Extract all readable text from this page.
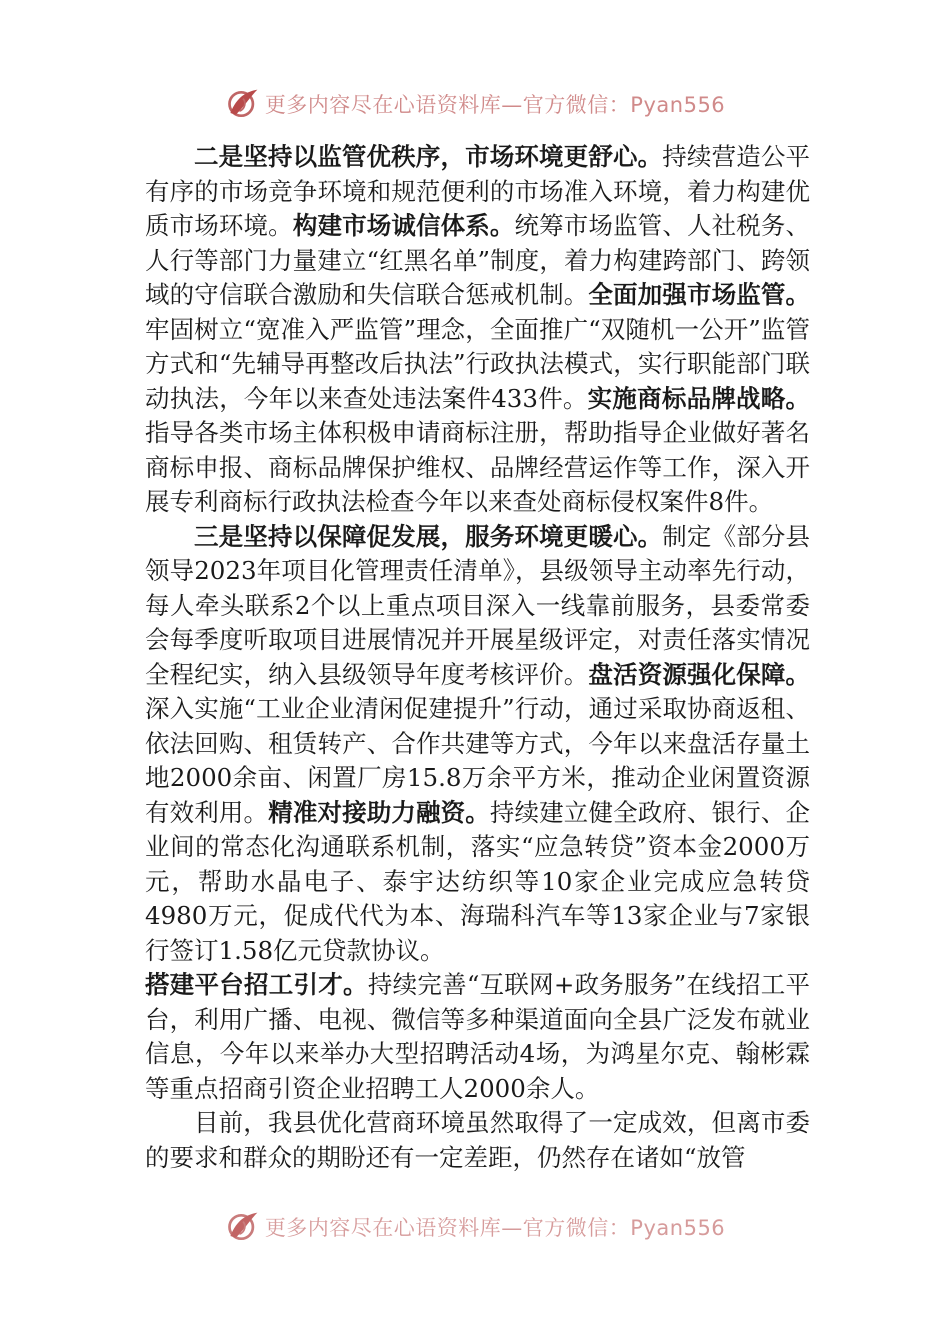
更多内容尽在心语资料库—官方微信：Pyan556

二是坚持以监管优秩序，市场环境更舒心。持续营造公平有序的市场竞争环境和规范便利的市场准入环境，着力构建优质市场环境。构建市场诚信体系。统筹市场监管、人社税务、人行等部门力量建立“红黑名单”制度，着力构建跨部门、跨领域的守信联合激励和失信联合惩戒机制。全面加强市场监管。牢固树立“宽准入严监管”理念，全面推广“双随机一公开”监管方式和“先辅导再整改后执法”行政执法模式，实行职能部门联动执法，今年以来查处违法案件433件。实施商标品牌战略。指导各类市场主体积极申请商标注册，帮助指导企业做好著名商标申报、商标品牌保护维权、品牌经营运作等工作，深入开展专利商标行政执法检查今年以来查处商标侵权案件8件。

三是坚持以保障促发展，服务环境更暖心。制定《部分县领导2023年项目化管理责任清单》，县级领导主动率先行动，每人牵头联系2个以上重点项目深入一线靠前服务，县委常委会每季度听取项目进展情况并开展星级评定，对责任落实情况全程纪实，纳入县级领导年度考核评价。盘活资源强化保障。深入实施“工业企业清闲促建提升”行动，通过采取协商返租、依法回购、租赁转产、合作共建等方式，今年以来盘活存量土地2000余亩、闲置厂房15.8万余平方米，推动企业闲置资源有效利用。精准对接助力融资。持续建立健全政府、银行、企业间的常态化沟通联系机制，落实“应急转贷”资本金2000万元，帮助水晶电子、泰宇达纺织等10家企业完成应急转贷4980万元，促成代代为本、海瑞科汽车等13家企业与7家银行签订1.58亿元贷款协议。

搭建平台招工引才。持续完善“互联网+政务服务”在线招工平台，利用广播、电视、微信等多种渠道面向全县广泛发布就业信息，今年以来举办大型招聘活动4场，为鸿星尔克、翰彬霖等重点招商引资企业招聘工人2000余人。

目前，我县优化营商环境虽然取得了一定成效，但离市委的要求和群众的期盼还有一定差距，仍然存在诸如“放管

更多内容尽在心语资料库—官方微信：Pyan556
